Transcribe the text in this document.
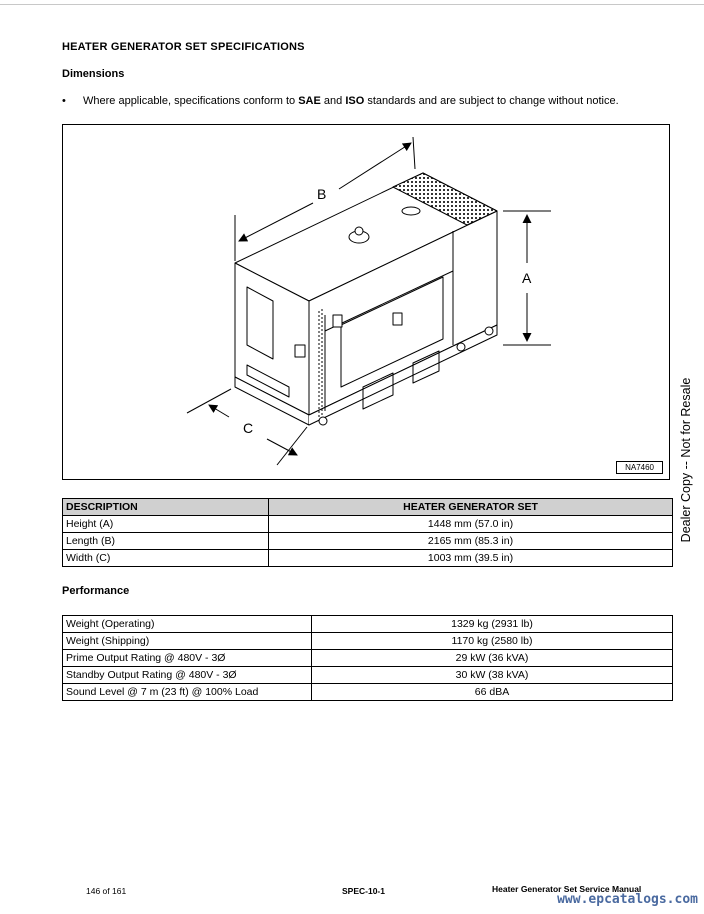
HEATER GENERATOR SET SPECIFICATIONS
Dimensions
• Where applicable, specifications conform to SAE and ISO standards and are subject to change without notice.
B
A
C
NA7460
DESCRIPTION	HEATER GENERATOR SET
Height (A)	1448 mm (57.0 in)
Length (B)	2165 mm (85.3 in)
Width (C)	1003 mm (39.5 in)
Performance
Weight (Operating)	1329 kg (2931 lb)
Weight (Shipping)	1170 kg (2580 lb)
Prime Output Rating @ 480V - 3Ø	29 kW (36 kVA)
Standby Output Rating @ 480V - 3Ø	30 kW (38 kVA)
Sound Level @ 7 m (23 ft) @ 100% Load	66 dBA
Dealer Copy -- Not for Resale
146 of 161	SPEC-10-1	Heater Generator Set Service Manual
www.epcatalogs.com
